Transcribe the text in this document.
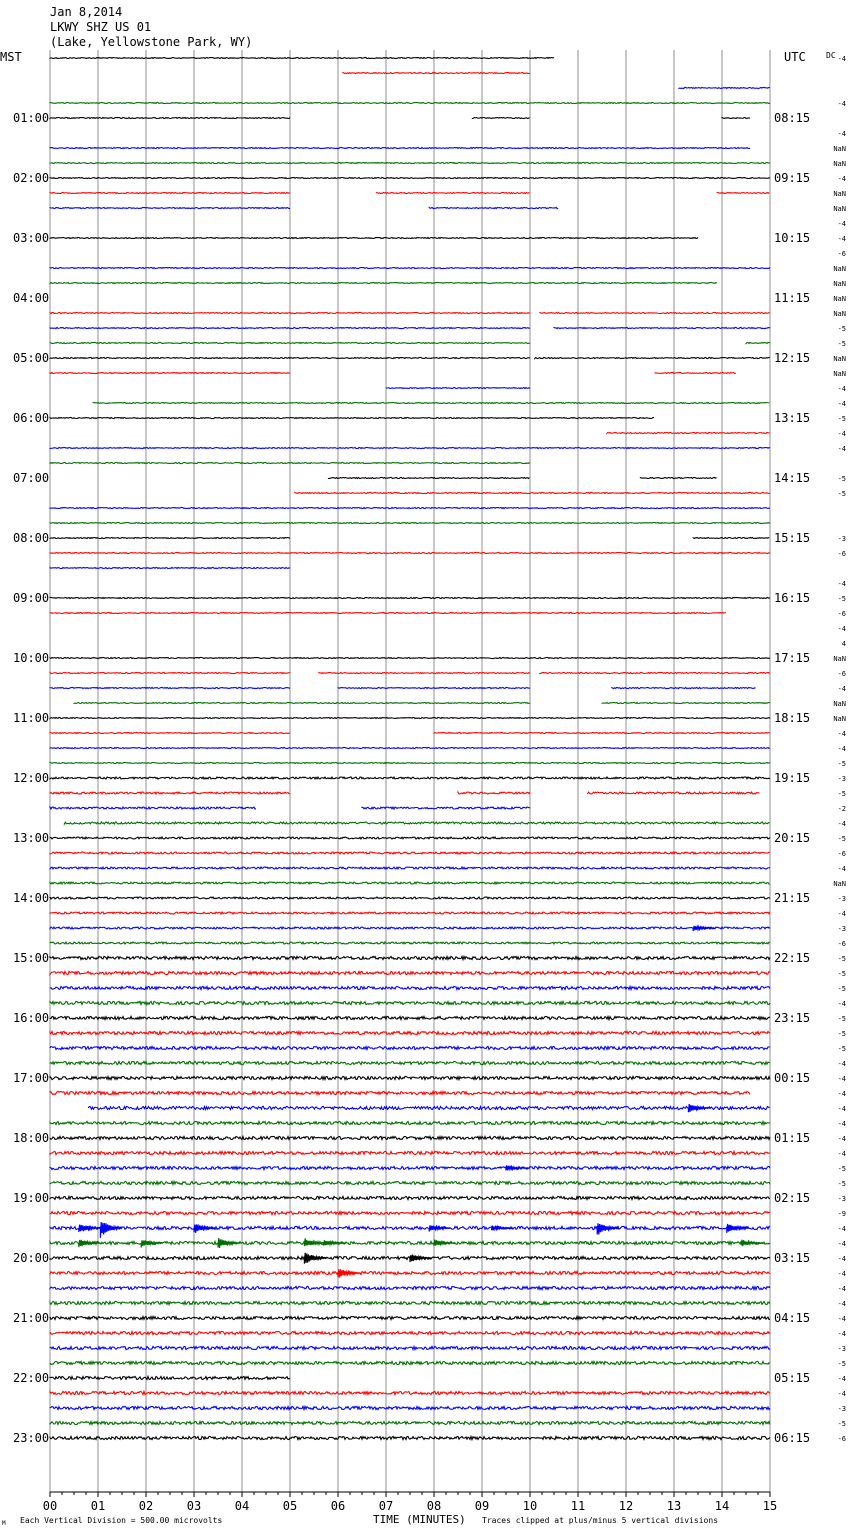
Jan 8,2014
LKWY SHZ US 01
(Lake, Yellowstone Park, WY)
MST	UTC	DC
01:00
02:00
03:00
04:00
05:00
06:00
07:00
08:00
09:00
10:00
11:00
12:00
13:00
14:00
15:00
16:00
17:00
18:00
19:00
20:00
21:00
22:00
23:00
08:15
09:15
10:15
11:15
12:15
13:15
14:15
15:15
16:15
17:15
18:15
19:15
20:15
21:15
22:15
23:15
00:15
01:15
02:15
03:15
04:15
05:15
06:15
-4
-4
-4
NaN
NaN
-4
NaN
NaN
-4
-4
-6
NaN
NaN
NaN
NaN
-5
-5
NaN
NaN
-4
-4
-5
-4
-4
-5
-5
-3
-6
-4
-5
-6
-4
4
NaN
-6
-4
NaN
NaN
-4
-4
-5
-3
-5
-2
-4
-5
-6
-4
NaN
-3
-4
-3
-6
-5
-5
-5
-4
-5
-5
-5
-4
-4
-4
-4
-4
-4
-4
-5
-5
-3
-9
-4
-4
-4
-4
-4
-4
-4
-4
-3
-5
-4
-4
-3
-5
-6
00	01	02	03	04	05	06	07	08	09	10	11	12	13	14	15
M Each Vertical Division = 500.00 microvolts	TIME (MINUTES) Traces clipped at plus/minus 5 vertical divisions
